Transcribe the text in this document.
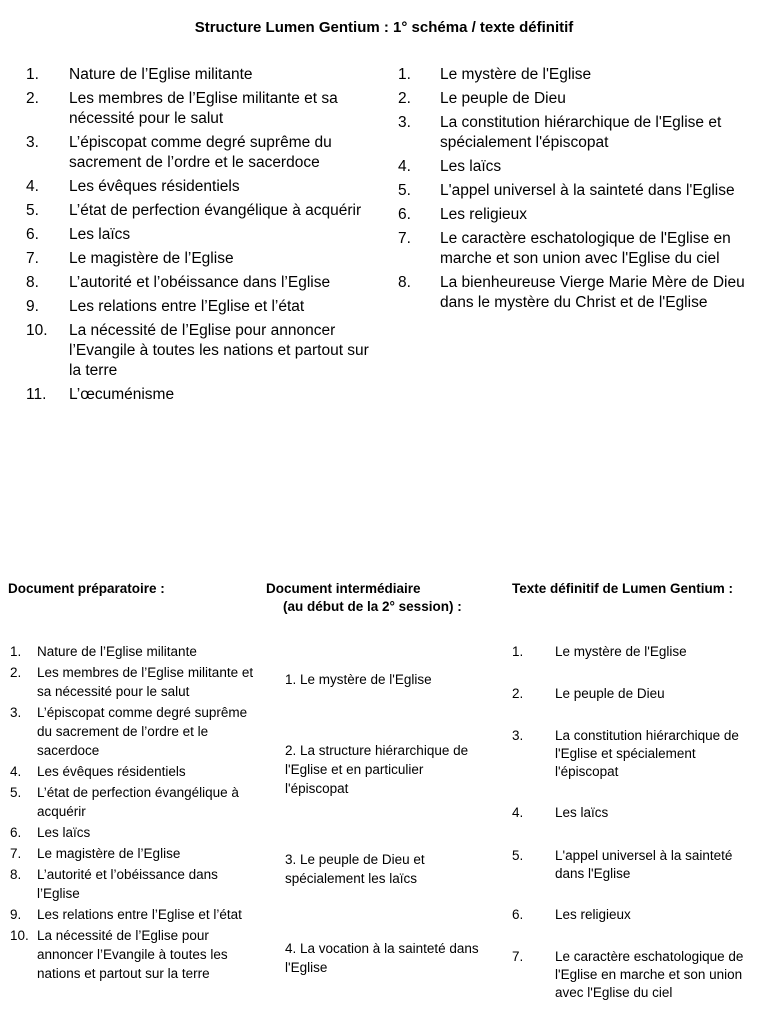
Structure Lumen Gentium : 1° schéma / texte définitif
1.	Nature de l’Eglise militante
2.	Les membres de l’Eglise militante et sa nécessité pour le salut
3.	L’épiscopat comme degré suprême du sacrement de l’ordre et le sacerdoce
4.	Les évêques résidentiels
5.	L’état de perfection évangélique à acquérir
6.	Les laïcs
7.	Le magistère de l’Eglise
8.	L’autorité et l’obéissance dans l’Eglise
9.	Les relations entre l’Eglise et l’état
10.	La nécessité de l’Eglise pour annoncer l’Evangile à toutes les nations et partout sur la terre
11.	L’œcuménisme
1.	Le mystère de l'Eglise
2.	Le peuple de Dieu
3.	La constitution hiérarchique de l'Eglise et spécialement l'épiscopat
4.	Les laïcs
5.	L'appel universel à la sainteté dans l'Eglise
6.	Les religieux
7.	Le caractère eschatologique de l'Eglise en marche et son union avec l'Eglise du ciel
8.	La bienheureuse Vierge Marie Mère de Dieu dans le mystère du Christ et de l'Eglise
Document préparatoire :	Document intermédiaire
(au début de la 2° session) :
Texte définitif de Lumen Gentium :
1.	Nature de l’Eglise militante
2.	Les membres de l’Eglise militante et sa nécessité pour le salut
3.	L’épiscopat comme degré suprême du sacrement de l’ordre et le sacerdoce
4.	Les évêques résidentiels
5.	L’état de perfection évangélique à acquérir
6.	Les laïcs
7.	Le magistère de l’Eglise
8.	L’autorité et l’obéissance dans l’Eglise
9.	Les relations entre l’Eglise et l’état
10. La nécessité de l’Eglise pour annoncer l’Evangile à toutes les nations et partout sur la terre
1. Le mystère de l'Eglise
2. La structure hiérarchique de l'Eglise et en particulier l'épiscopat
3. Le peuple de Dieu et spécialement les laïcs
4. La vocation à la sainteté dans l'Eglise
1.	Le mystère de l'Eglise
2.	Le peuple de Dieu
3.	La constitution hiérarchique de l'Eglise et spécialement l'épiscopat
4.	Les laïcs
5.	L'appel universel à la sainteté dans l'Eglise
6.	Les religieux
7.	Le caractère eschatologique de l'Eglise en marche et son union avec l'Eglise du ciel
